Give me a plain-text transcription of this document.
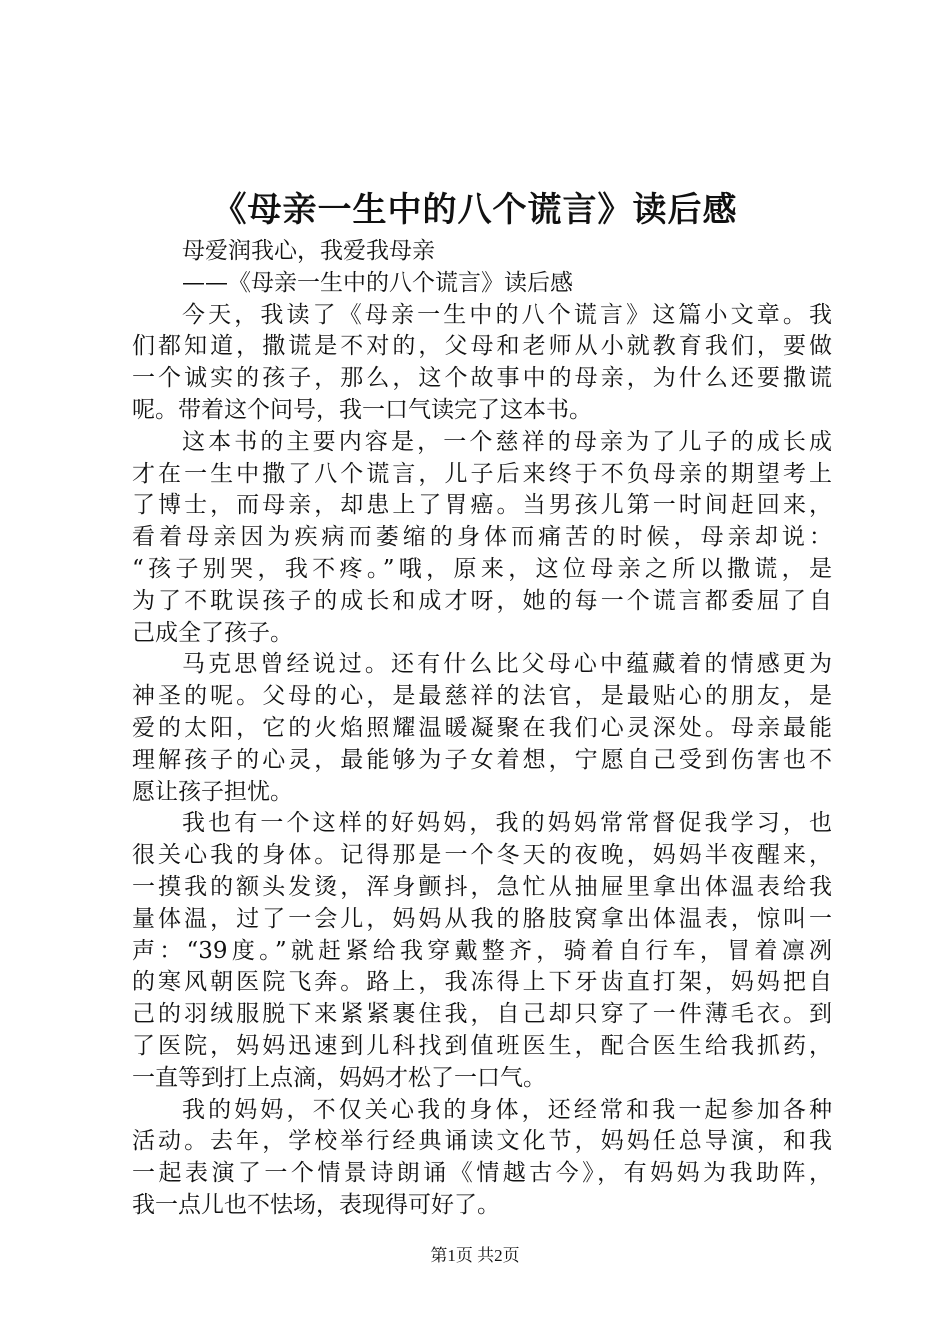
《母亲一生中的八个谎言》读后感

母爱润我心，我爱我母亲

——《母亲一生中的八个谎言》读后感

今天，我读了《母亲一生中的八个谎言》这篇小文章。我

们都知道，撒谎是不对的，父母和老师从小就教育我们，要做

一个诚实的孩子，那么，这个故事中的母亲，为什么还要撒谎

呢。带着这个问号，我一口气读完了这本书。

这本书的主要内容是，一个慈祥的母亲为了儿子的成长成

才在一生中撒了八个谎言，儿子后来终于不负母亲的期望考上

了博士，而母亲，却患上了胃癌。当男孩儿第一时间赶回来，

看着母亲因为疾病而萎缩的身体而痛苦的时候，母亲却说：

“孩子别哭，我不疼。”哦，原来，这位母亲之所以撒谎，是

为了不耽误孩子的成长和成才呀，她的每一个谎言都委屈了自

己成全了孩子。

马克思曾经说过。还有什么比父母心中蕴藏着的情感更为

神圣的呢。父母的心，是最慈祥的法官，是最贴心的朋友，是

爱的太阳，它的火焰照耀温暖凝聚在我们心灵深处。母亲最能

理解孩子的心灵，最能够为子女着想，宁愿自己受到伤害也不

愿让孩子担忧。

我也有一个这样的好妈妈，我的妈妈常常督促我学习，也

很关心我的身体。记得那是一个冬天的夜晚，妈妈半夜醒来，

一摸我的额头发烫，浑身颤抖，急忙从抽屉里拿出体温表给我

量体温，过了一会儿，妈妈从我的胳肢窝拿出体温表，惊叫一

声：“39度。”就赶紧给我穿戴整齐，骑着自行车，冒着凛冽

的寒风朝医院飞奔。路上，我冻得上下牙齿直打架，妈妈把自

己的羽绒服脱下来紧紧裹住我，自己却只穿了一件薄毛衣。到

了医院，妈妈迅速到儿科找到值班医生，配合医生给我抓药，

一直等到打上点滴，妈妈才松了一口气。

我的妈妈，不仅关心我的身体，还经常和我一起参加各种

活动。去年，学校举行经典诵读文化节，妈妈任总导演，和我

一起表演了一个情景诗朗诵《情越古今》，有妈妈为我助阵，

我一点儿也不怯场，表现得可好了。

第1页 共2页
